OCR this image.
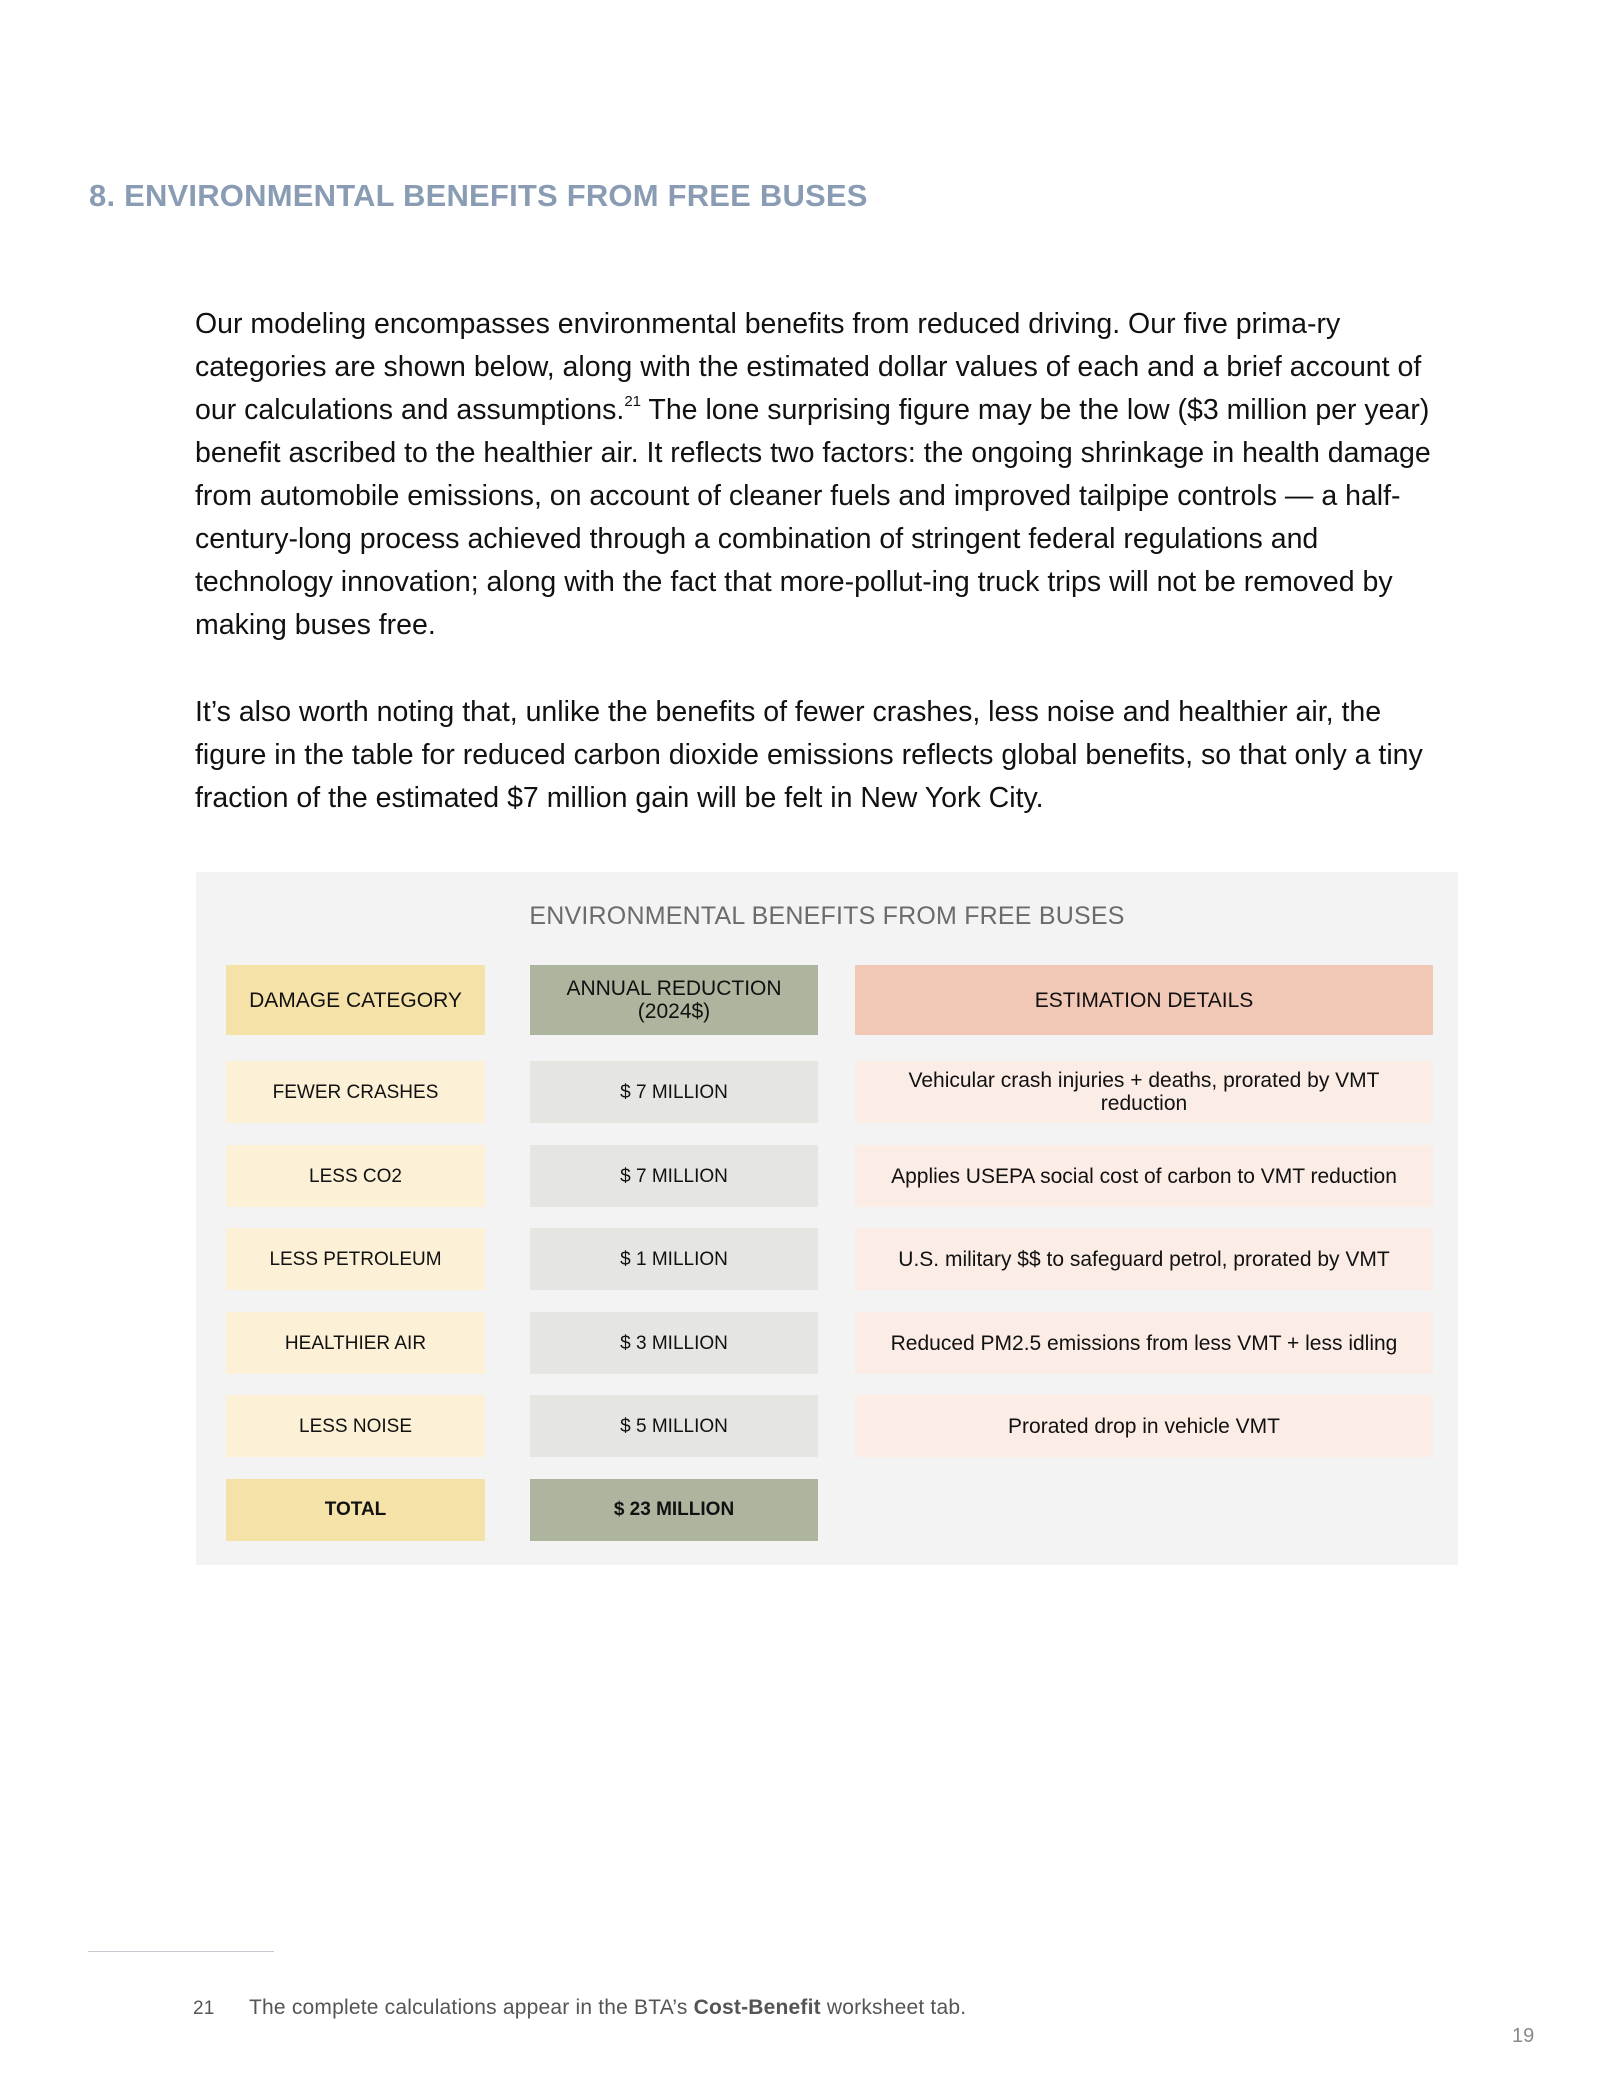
8. ENVIRONMENTAL BENEFITS FROM FREE BUSES

Our modeling encompasses environmental benefits from reduced driving. Our five prima-ry categories are shown below, along with the estimated dollar values of each and a brief account of our calculations and assumptions.$^{21}$ The lone surprising figure may be the low ($3 million per year) benefit ascribed to the healthier air. It reflects two factors: the ongoing shrinkage in health damage from automobile emissions, on account of cleaner fuels and improved tailpipe controls — a half-century-long process achieved through a combination of stringent federal regulations and technology innovation; along with the fact that more-pollut-ing truck trips will not be removed by making buses free.

It’s also worth noting that, unlike the benefits of fewer crashes, less noise and healthier air, the figure in the table for reduced carbon dioxide emissions reflects global benefits, so that only a tiny fraction of the estimated $7 million gain will be felt in New York City.

ENVIRONMENTAL BENEFITS FROM FREE BUSES
DAMAGE CATEGORY	ANNUAL REDUCTION (2024$)	ESTIMATION DETAILS
FEWER CRASHES	$ 7 MILLION	Vehicular crash injuries + deaths, prorated by VMT reduction
LESS CO2	$ 7 MILLION	Applies USEPA social cost of carbon to VMT reduction
LESS PETROLEUM	$ 1 MILLION	U.S. military $$ to safeguard petrol, prorated by VMT
HEALTHIER AIR	$ 3 MILLION	Reduced PM2.5 emissions from less VMT + less idling
LESS NOISE	$ 5 MILLION	Prorated drop in vehicle VMT
TOTAL	$ 23 MILLION
21 The complete calculations appear in the BTA’s Cost-Benefit worksheet tab.
19
